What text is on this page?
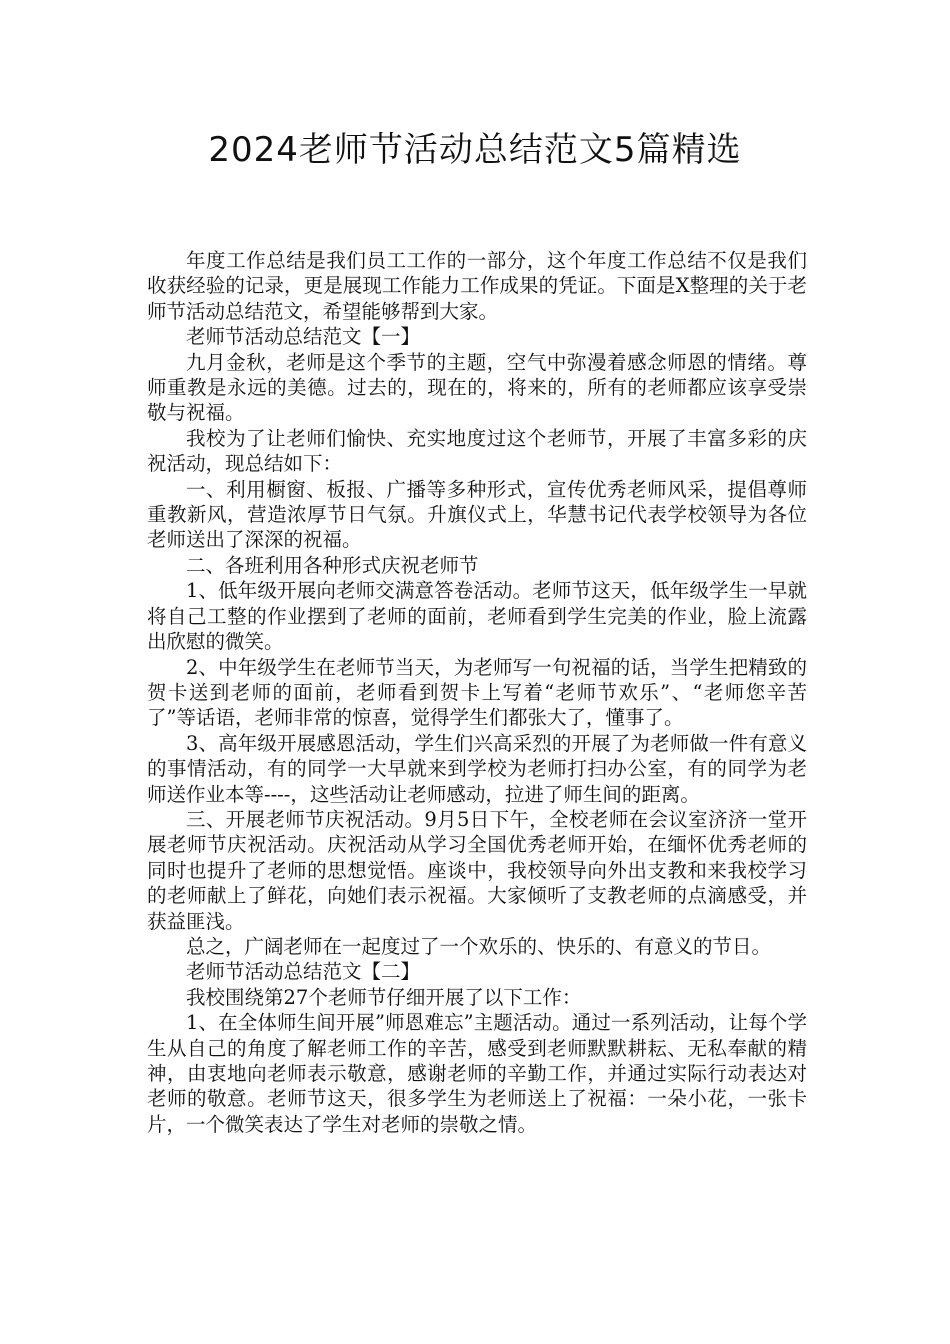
2024老师节活动总结范文5篇精选

年度工作总结是我们员工工作的一部分，这个年度工作总结不仅是我们收获经验的记录，更是展现工作能力工作成果的凭证。下面是X整理的关于老师节活动总结范文，希望能够帮到大家。

老师节活动总结范文【一】

九月金秋，老师是这个季节的主题，空气中弥漫着感念师恩的情绪。尊师重教是永远的美德。过去的，现在的，将来的，所有的老师都应该享受崇敬与祝福。

我校为了让老师们愉快、充实地度过这个老师节，开展了丰富多彩的庆祝活动，现总结如下：

一、利用橱窗、板报、广播等多种形式，宣传优秀老师风采，提倡尊师重教新风，营造浓厚节日气氛。升旗仪式上，华慧书记代表学校领导为各位老师送出了深深的祝福。

二、各班利用各种形式庆祝老师节

1、低年级开展向老师交满意答卷活动。老师节这天，低年级学生一早就将自己工整的作业摆到了老师的面前，老师看到学生完美的作业，脸上流露出欣慰的微笑。

2、中年级学生在老师节当天，为老师写一句祝福的话，当学生把精致的贺卡送到老师的面前，老师看到贺卡上写着“老师节欢乐”、“老师您辛苦了”等话语，老师非常的惊喜，觉得学生们都张大了，懂事了。

3、高年级开展感恩活动，学生们兴高采烈的开展了为老师做一件有意义的事情活动，有的同学一大早就来到学校为老师打扫办公室，有的同学为老师送作业本等----，这些活动让老师感动，拉进了师生间的距离。

三、开展老师节庆祝活动。9月5日下午，全校老师在会议室济济一堂开展老师节庆祝活动。庆祝活动从学习全国优秀老师开始，在缅怀优秀老师的同时也提升了老师的思想觉悟。座谈中，我校领导向外出支教和来我校学习的老师献上了鲜花，向她们表示祝福。大家倾听了支教老师的点滴感受，并获益匪浅。

总之，广阔老师在一起度过了一个欢乐的、快乐的、有意义的节日。

老师节活动总结范文【二】

我校围绕第27个老师节仔细开展了以下工作：

1、在全体师生间开展”师恩难忘”主题活动。通过一系列活动，让每个学生从自己的角度了解老师工作的辛苦，感受到老师默默耕耘、无私奉献的精神，由衷地向老师表示敬意，感谢老师的辛勤工作，并通过实际行动表达对老师的敬意。老师节这天，很多学生为老师送上了祝福：一朵小花，一张卡片，一个微笑表达了学生对老师的崇敬之情。
